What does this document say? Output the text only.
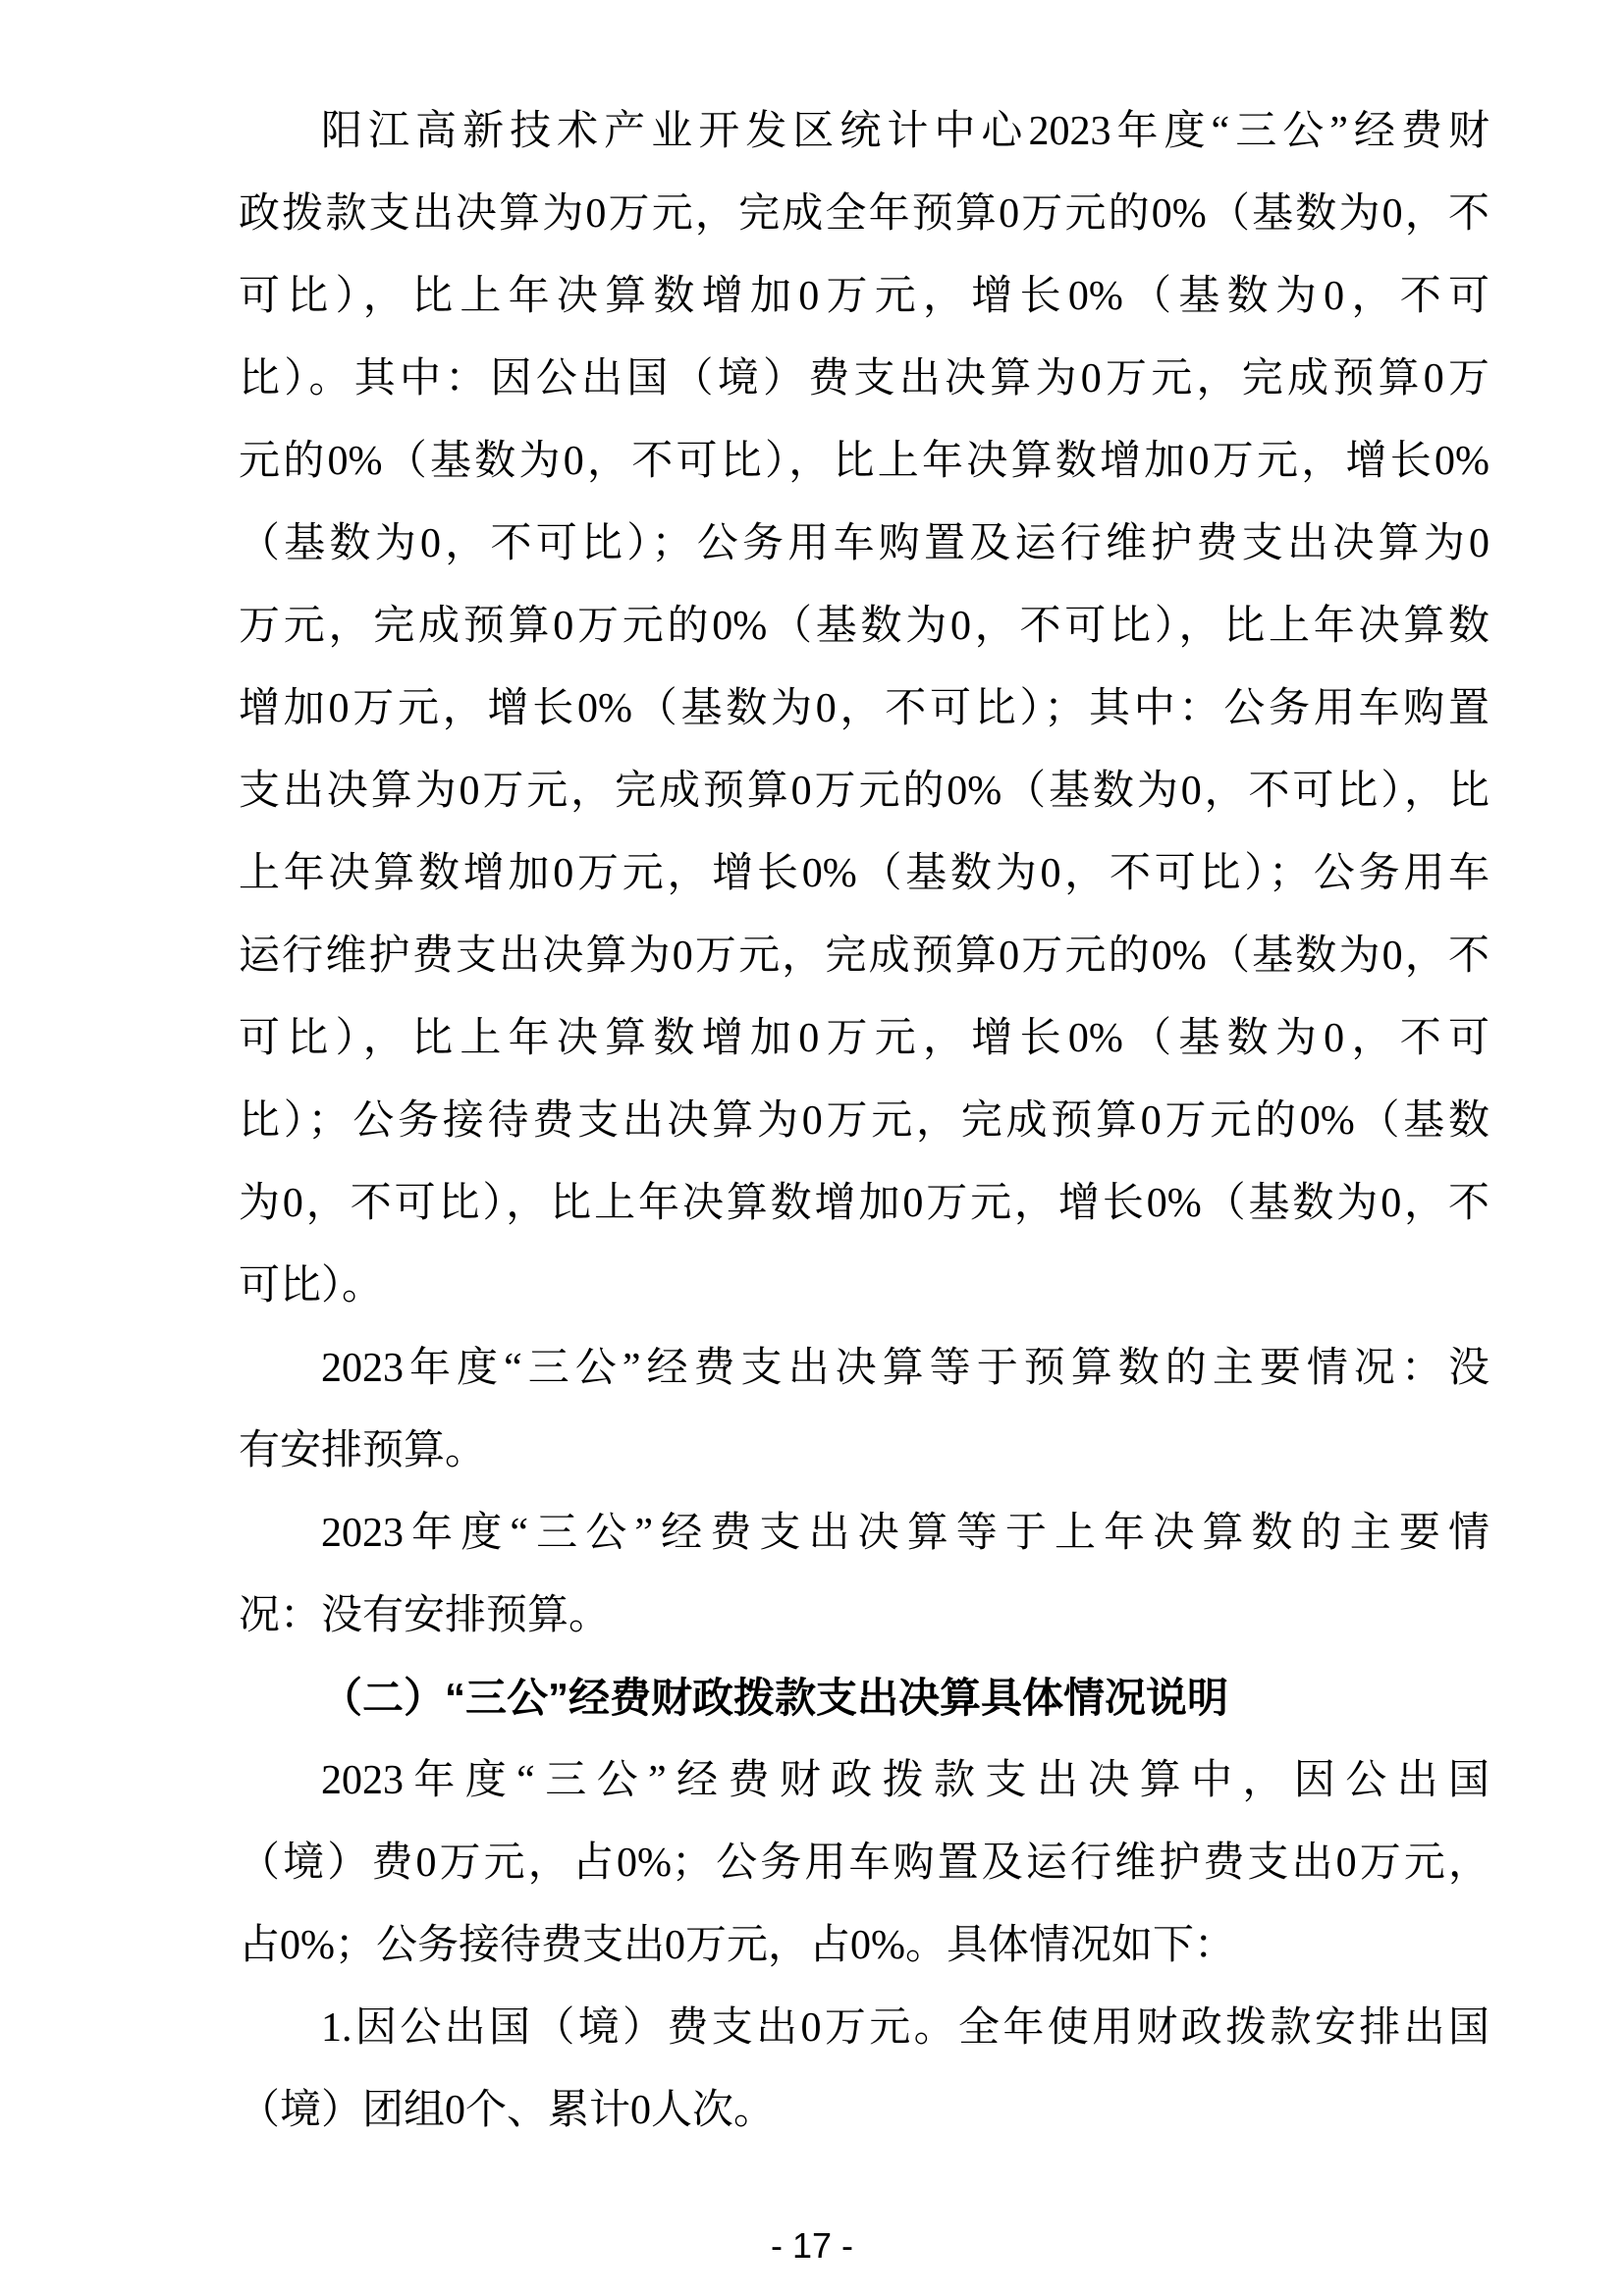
阳江高新技术产业开发区统计中心2023年度“三公”经费财
政拨款支出决算为0万元，完成全年预算0万元的0%（基数为0，不
可比），比上年决算数增加0万元，增长0%（基数为0，不可
比）。其中：因公出国（境）费支出决算为0万元，完成预算0万
元的0%（基数为0，不可比），比上年决算数增加0万元，增长0%
（基数为0，不可比）；公务用车购置及运行维护费支出决算为0
万元，完成预算0万元的0%（基数为0，不可比），比上年决算数
增加0万元，增长0%（基数为0，不可比）；其中：公务用车购置
支出决算为0万元，完成预算0万元的0%（基数为0，不可比），比
上年决算数增加0万元，增长0%（基数为0，不可比）；公务用车
运行维护费支出决算为0万元，完成预算0万元的0%（基数为0，不
可比），比上年决算数增加0万元，增长0%（基数为0，不可
比）；公务接待费支出决算为0万元，完成预算0万元的0%（基数
为0，不可比），比上年决算数增加0万元，增长0%（基数为0，不
可比）。
2023年度“三公”经费支出决算等于预算数的主要情况：没
有安排预算。
2023年度“三公”经费支出决算等于上年决算数的主要情
况：没有安排预算。
（二）“三公”经费财政拨款支出决算具体情况说明
2023年度“三公”经费财政拨款支出决算中，因公出国
（境）费0万元，占0%；公务用车购置及运行维护费支出0万元，
占0%；公务接待费支出0万元，占0%。具体情况如下：
1.因公出国（境）费支出0万元。全年使用财政拨款安排出国
（境）团组0个、累计0人次。
- 17 -
